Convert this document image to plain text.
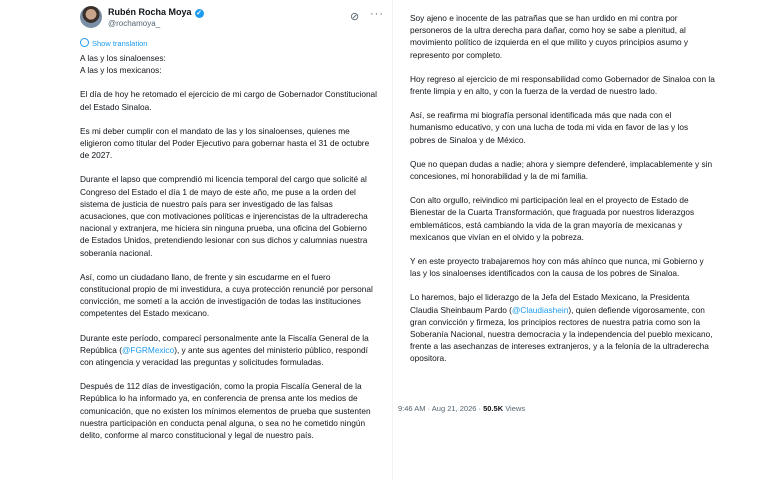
Rubén Rocha Moya ✓
@rochamoya_
⊘ ···
Show translation

A las y los sinaloenses:
A las y los mexicanos:

El día de hoy he retomado el ejercicio de mi cargo de Gobernador Constitucional del Estado Sinaloa.

Es mi deber cumplir con el mandato de las y los sinaloenses, quienes me eligieron como titular del Poder Ejecutivo para gobernar hasta el 31 de octubre de 2027.

Durante el lapso que comprendió mi licencia temporal del cargo que solicité al Congreso del Estado el día 1 de mayo de este año, me puse a la orden del sistema de justicia de nuestro país para ser investigado de las falsas acusaciones, que con motivaciones políticas e injerencistas de la ultraderecha nacional y extranjera, me hiciera sin ninguna prueba, una oficina del Gobierno de Estados Unidos, pretendiendo lesionar con sus dichos y calumnias nuestra soberanía nacional.

Así, como un ciudadano llano, de frente y sin escudarme en el fuero constitucional propio de mi investidura, a cuya protección renuncié por personal convicción, me sometí a la acción de investigación de todas las instituciones competentes del Estado mexicano.

Durante este período, comparecí personalmente ante la Fiscalía General de la República (@FGRMexico), y ante sus agentes del ministerio público, respondí con atingencia y veracidad las preguntas y solicitudes formuladas.

Después de 112 días de investigación, como la propia Fiscalía General de la República lo ha informado ya, en conferencia de prensa ante los medios de comunicación, que no existen los mínimos elementos de prueba que sustenten nuestra participación en conducta penal alguna, o sea no he cometido ningún delito, conforme al marco constitucional y legal de nuestro país.

Soy ajeno e inocente de las patrañas que se han urdido en mi contra por personeros de la ultra derecha para dañar, como hoy se sabe a plenitud, al movimiento político de izquierda en el que milito y cuyos principios asumo y represento por completo.

Hoy regreso al ejercicio de mi responsabilidad como Gobernador de Sinaloa con la frente limpia y en alto, y con la fuerza de la verdad de nuestro lado.

Así, se reafirma mi biografía personal identificada más que nada con el humanismo educativo, y con una lucha de toda mi vida en favor de las y los pobres de Sinaloa y de México.

Que no quepan dudas a nadie; ahora y siempre defenderé, implacablemente y sin concesiones, mi honorabilidad y la de mi familia.

Con alto orgullo, reivindico mi participación leal en el proyecto de Estado de Bienestar de la Cuarta Transformación, que fraguada por nuestros liderazgos emblemáticos, está cambiando la vida de la gran mayoría de mexicanas y mexicanos que vivían en el olvido y la pobreza.

Y en este proyecto trabajaremos hoy con más ahínco que nunca, mi Gobierno y las y los sinaloenses identificados con la causa de los pobres de Sinaloa.

Lo haremos, bajo el liderazgo de la Jefa del Estado Mexicano, la Presidenta Claudia Sheinbaum Pardo (@Claudiashein), quien defiende vigorosamente, con gran convicción y firmeza, los principios rectores de nuestra patria como son la Soberanía Nacional, nuestra democracia y la independencia del pueblo mexicano, frente a las asechanzas de intereses extranjeros, y a la felonía de la ultraderecha opositora.

9:46 AM · Aug 21, 2026 · 50.5K Views
